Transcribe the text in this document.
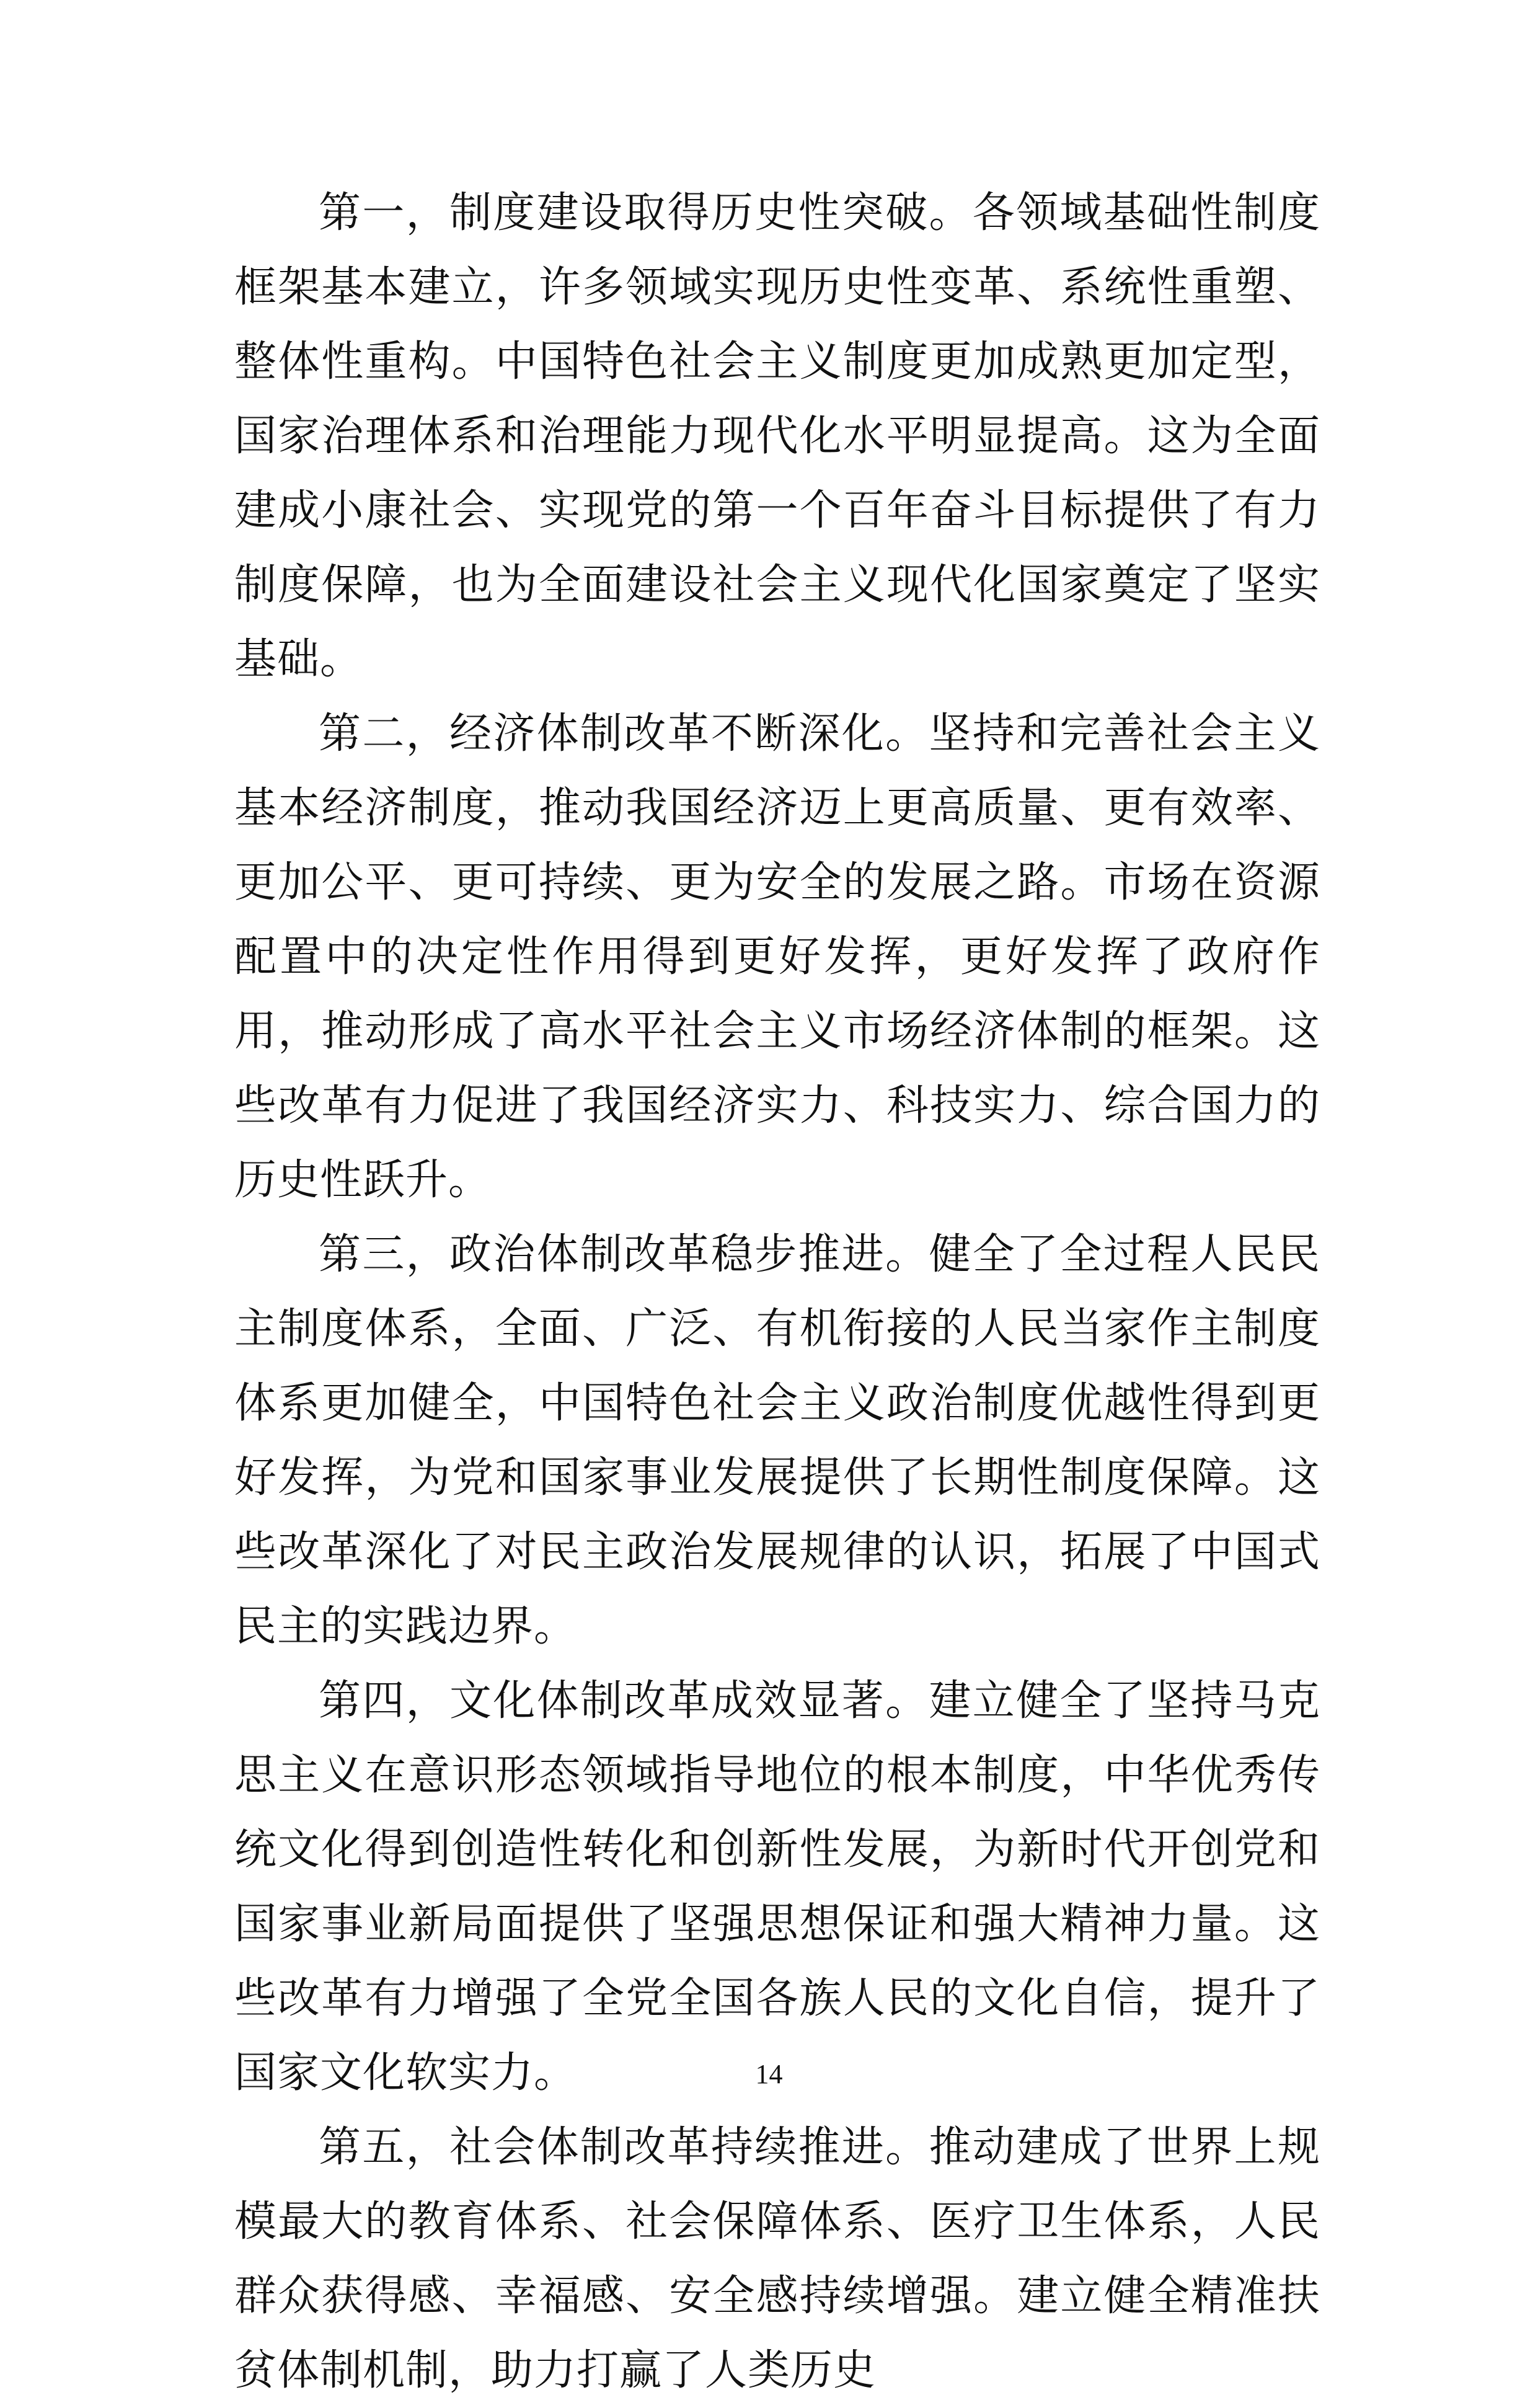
第一，制度建设取得历史性突破。各领域基础性制度框架基本建立，许多领域实现历史性变革、系统性重塑、整体性重构。中国特色社会主义制度更加成熟更加定型，国家治理体系和治理能力现代化水平明显提高。这为全面建成小康社会、实现党的第一个百年奋斗目标提供了有力制度保障，也为全面建设社会主义现代化国家奠定了坚实基础。

第二，经济体制改革不断深化。坚持和完善社会主义基本经济制度，推动我国经济迈上更高质量、更有效率、更加公平、更可持续、更为安全的发展之路。市场在资源配置中的决定性作用得到更好发挥，更好发挥了政府作用，推动形成了高水平社会主义市场经济体制的框架。这些改革有力促进了我国经济实力、科技实力、综合国力的历史性跃升。

第三，政治体制改革稳步推进。健全了全过程人民民主制度体系，全面、广泛、有机衔接的人民当家作主制度体系更加健全，中国特色社会主义政治制度优越性得到更好发挥，为党和国家事业发展提供了长期性制度保障。这些改革深化了对民主政治发展规律的认识，拓展了中国式民主的实践边界。

第四，文化体制改革成效显著。建立健全了坚持马克思主义在意识形态领域指导地位的根本制度，中华优秀传统文化得到创造性转化和创新性发展，为新时代开创党和国家事业新局面提供了坚强思想保证和强大精神力量。这些改革有力增强了全党全国各族人民的文化自信，提升了国家文化软实力。

第五，社会体制改革持续推进。推动建成了世界上规模最大的教育体系、社会保障体系、医疗卫生体系，人民群众获得感、幸福感、安全感持续增强。建立健全精准扶贫体制机制，助力打赢了人类历史

14
